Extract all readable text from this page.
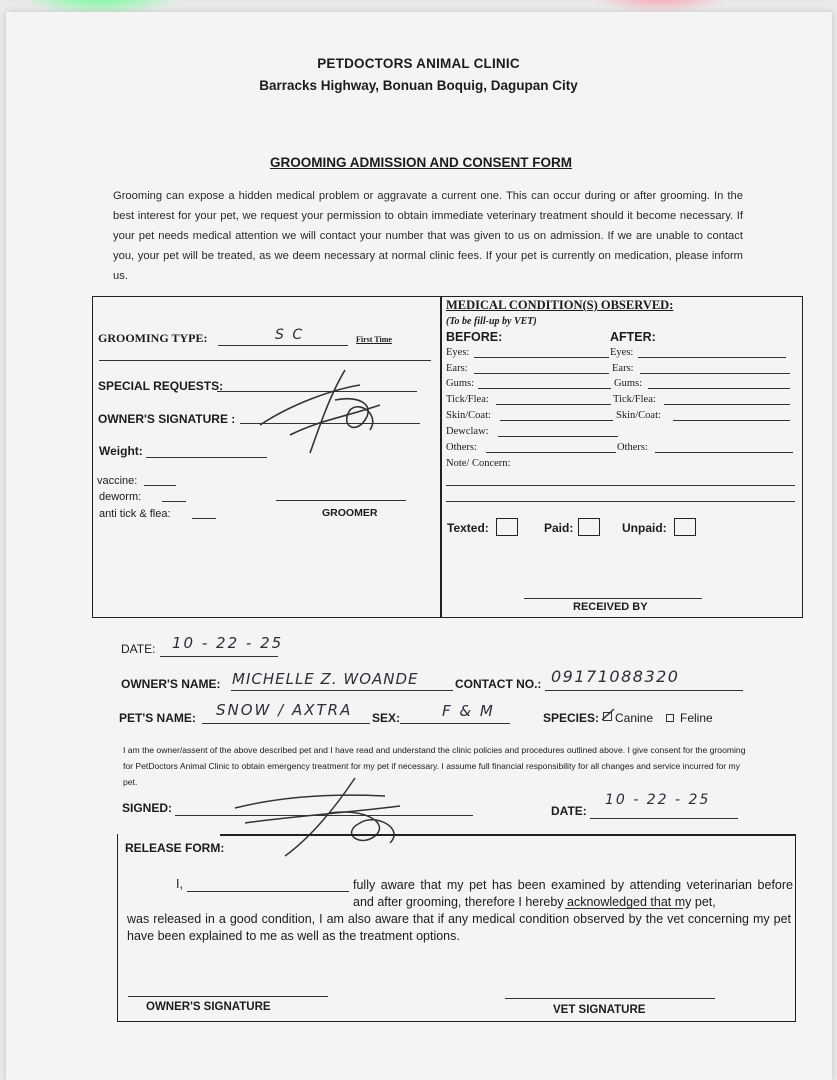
PETDOCTORS ANIMAL CLINIC
Barracks Highway, Bonuan Boquig, Dagupan City
GROOMING ADMISSION AND CONSENT FORM
Grooming can expose a hidden medical problem or aggravate a current one. This can occur during or after grooming. In the best interest for your pet, we request your permission to obtain immediate veterinary treatment should it become necessary. If your pet needs medical attention we will contact your number that was given to us on admission. If we are unable to contact you, your pet will be treated, as we deem necessary at normal clinic fees. If your pet is currently on medication, please inform us.
GROOMING TYPE:	S C	First Time
SPECIAL REQUESTS:
OWNER'S SIGNATURE :
Weight:
vaccine:
deworm:
anti tick & flea:	GROOMER
MEDICAL CONDITION(S) OBSERVED:
(To be fill-up by VET)
BEFORE:	AFTER:
Eyes:	Eyes:
Ears:	Ears:
Gums:	Gums:
Tick/Flea:	Tick/Flea:
Skin/Coat:	Skin/Coat:
Dewclaw:
Others:	Others:
Note/ Concern:
Texted:	Paid:	Unpaid:
RECEIVED BY
DATE: 10 - 22 - 25
OWNER'S NAME: MICHELLE Z. WOANDE	CONTACT NO.: 09171088320
PET'S NAME: SNOW / AXTRA SEX:	F & M	SPECIES: Canine Feline
I am the owner/assent of the above described pet and I have read and understand the clinic policies and procedures outlined above. I give consent for the grooming for PetDoctors Animal Clinic to obtain emergency treatment for my pet if necessary. I assume full financial responsibility for all changes and service incurred for my pet.
SIGNED:	DATE:
10 - 22 - 25
RELEASE FORM:
I,	fully aware that my pet has been examined by attending veterinarian before and after grooming, therefore I hereby acknowledged that my pet,
was released in a good condition, I am also aware that if any medical condition observed by the vet concerning my pet have been explained to me as well as the treatment options.
OWNER'S SIGNATURE	VET SIGNATURE
